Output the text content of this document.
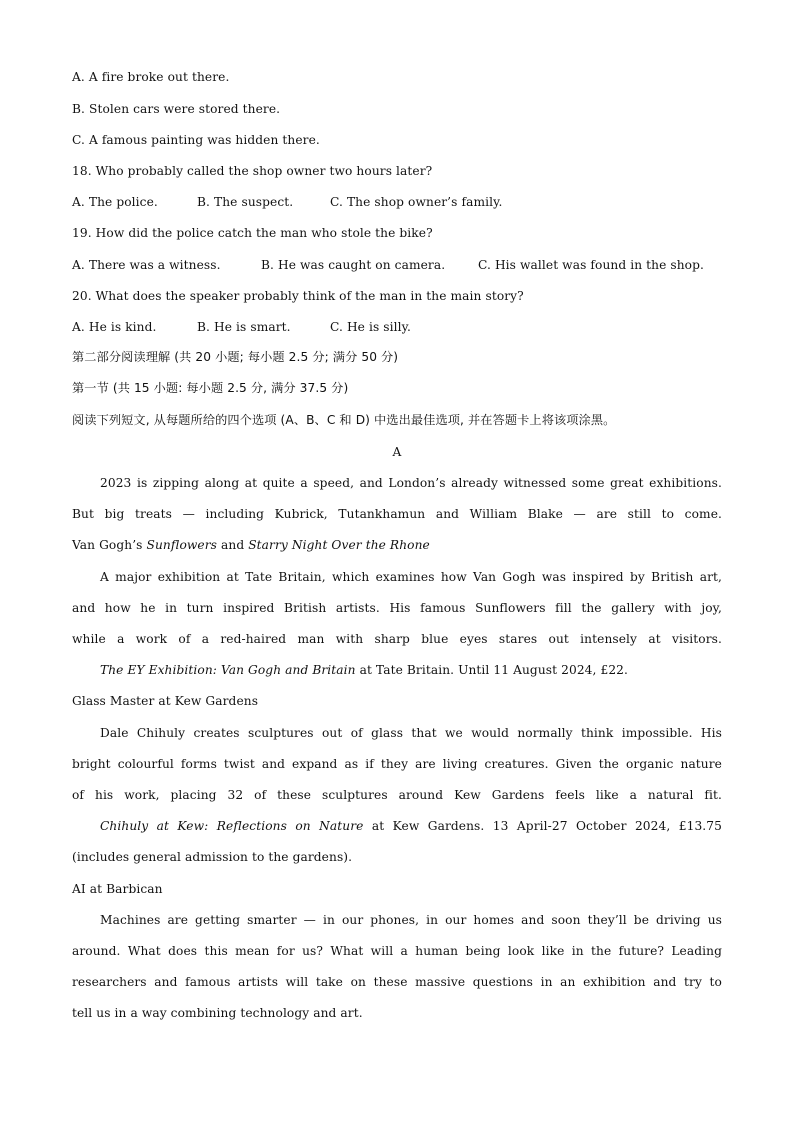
A. A fire broke out there.
B. Stolen cars were stored there.
C. A famous painting was hidden there.
18. Who probably called the shop owner two hours later?
A. The police.	B. The suspect.	C. The shop owner’s family.
19. How did the police catch the man who stole the bike?
A. There was a witness.	B. He was caught on camera.	C. His wallet was found in the shop.
20. What does the speaker probably think of the man in the main story?
A. He is kind.	B. He is smart.	C. He is silly.
第二部分阅读理解 (共 20 小题; 每小题 2.5 分; 满分 50 分)
第一节 (共 15 小题: 每小题 2.5 分, 满分 37.5 分)
阅读下列短文, 从每题所给的四个选项 (A、B、C 和 D) 中选出最佳选项, 并在答题卡上将该项涂黑。
A
2023 is zipping along at quite a speed, and London’s already witnessed some great exhibitions.
But big treats — including Kubrick, Tutankhamun and William Blake — are still to come.
Van Gogh’s Sunflowers and Starry Night Over the Rhone
A major exhibition at Tate Britain, which examines how Van Gogh was inspired by British art,
and how he in turn inspired British artists. His famous Sunflowers fill the gallery with joy,
while a work of a red-haired man with sharp blue eyes stares out intensely at visitors.
The EY Exhibition: Van Gogh and Britain at Tate Britain. Until 11 August 2024, £22.
Glass Master at Kew Gardens
Dale Chihuly creates sculptures out of glass that we would normally think impossible. His
bright colourful forms twist and expand as if they are living creatures. Given the organic nature
of his work, placing 32 of these sculptures around Kew Gardens feels like a natural fit.
Chihuly at Kew: Reflections on Nature at Kew Gardens. 13 April-27 October 2024, £13.75
(includes general admission to the gardens).
AI at Barbican
Machines are getting smarter — in our phones, in our homes and soon they’ll be driving us
around. What does this mean for us? What will a human being look like in the future? Leading
researchers and famous artists will take on these massive questions in an exhibition and try to
tell us in a way combining technology and art.
